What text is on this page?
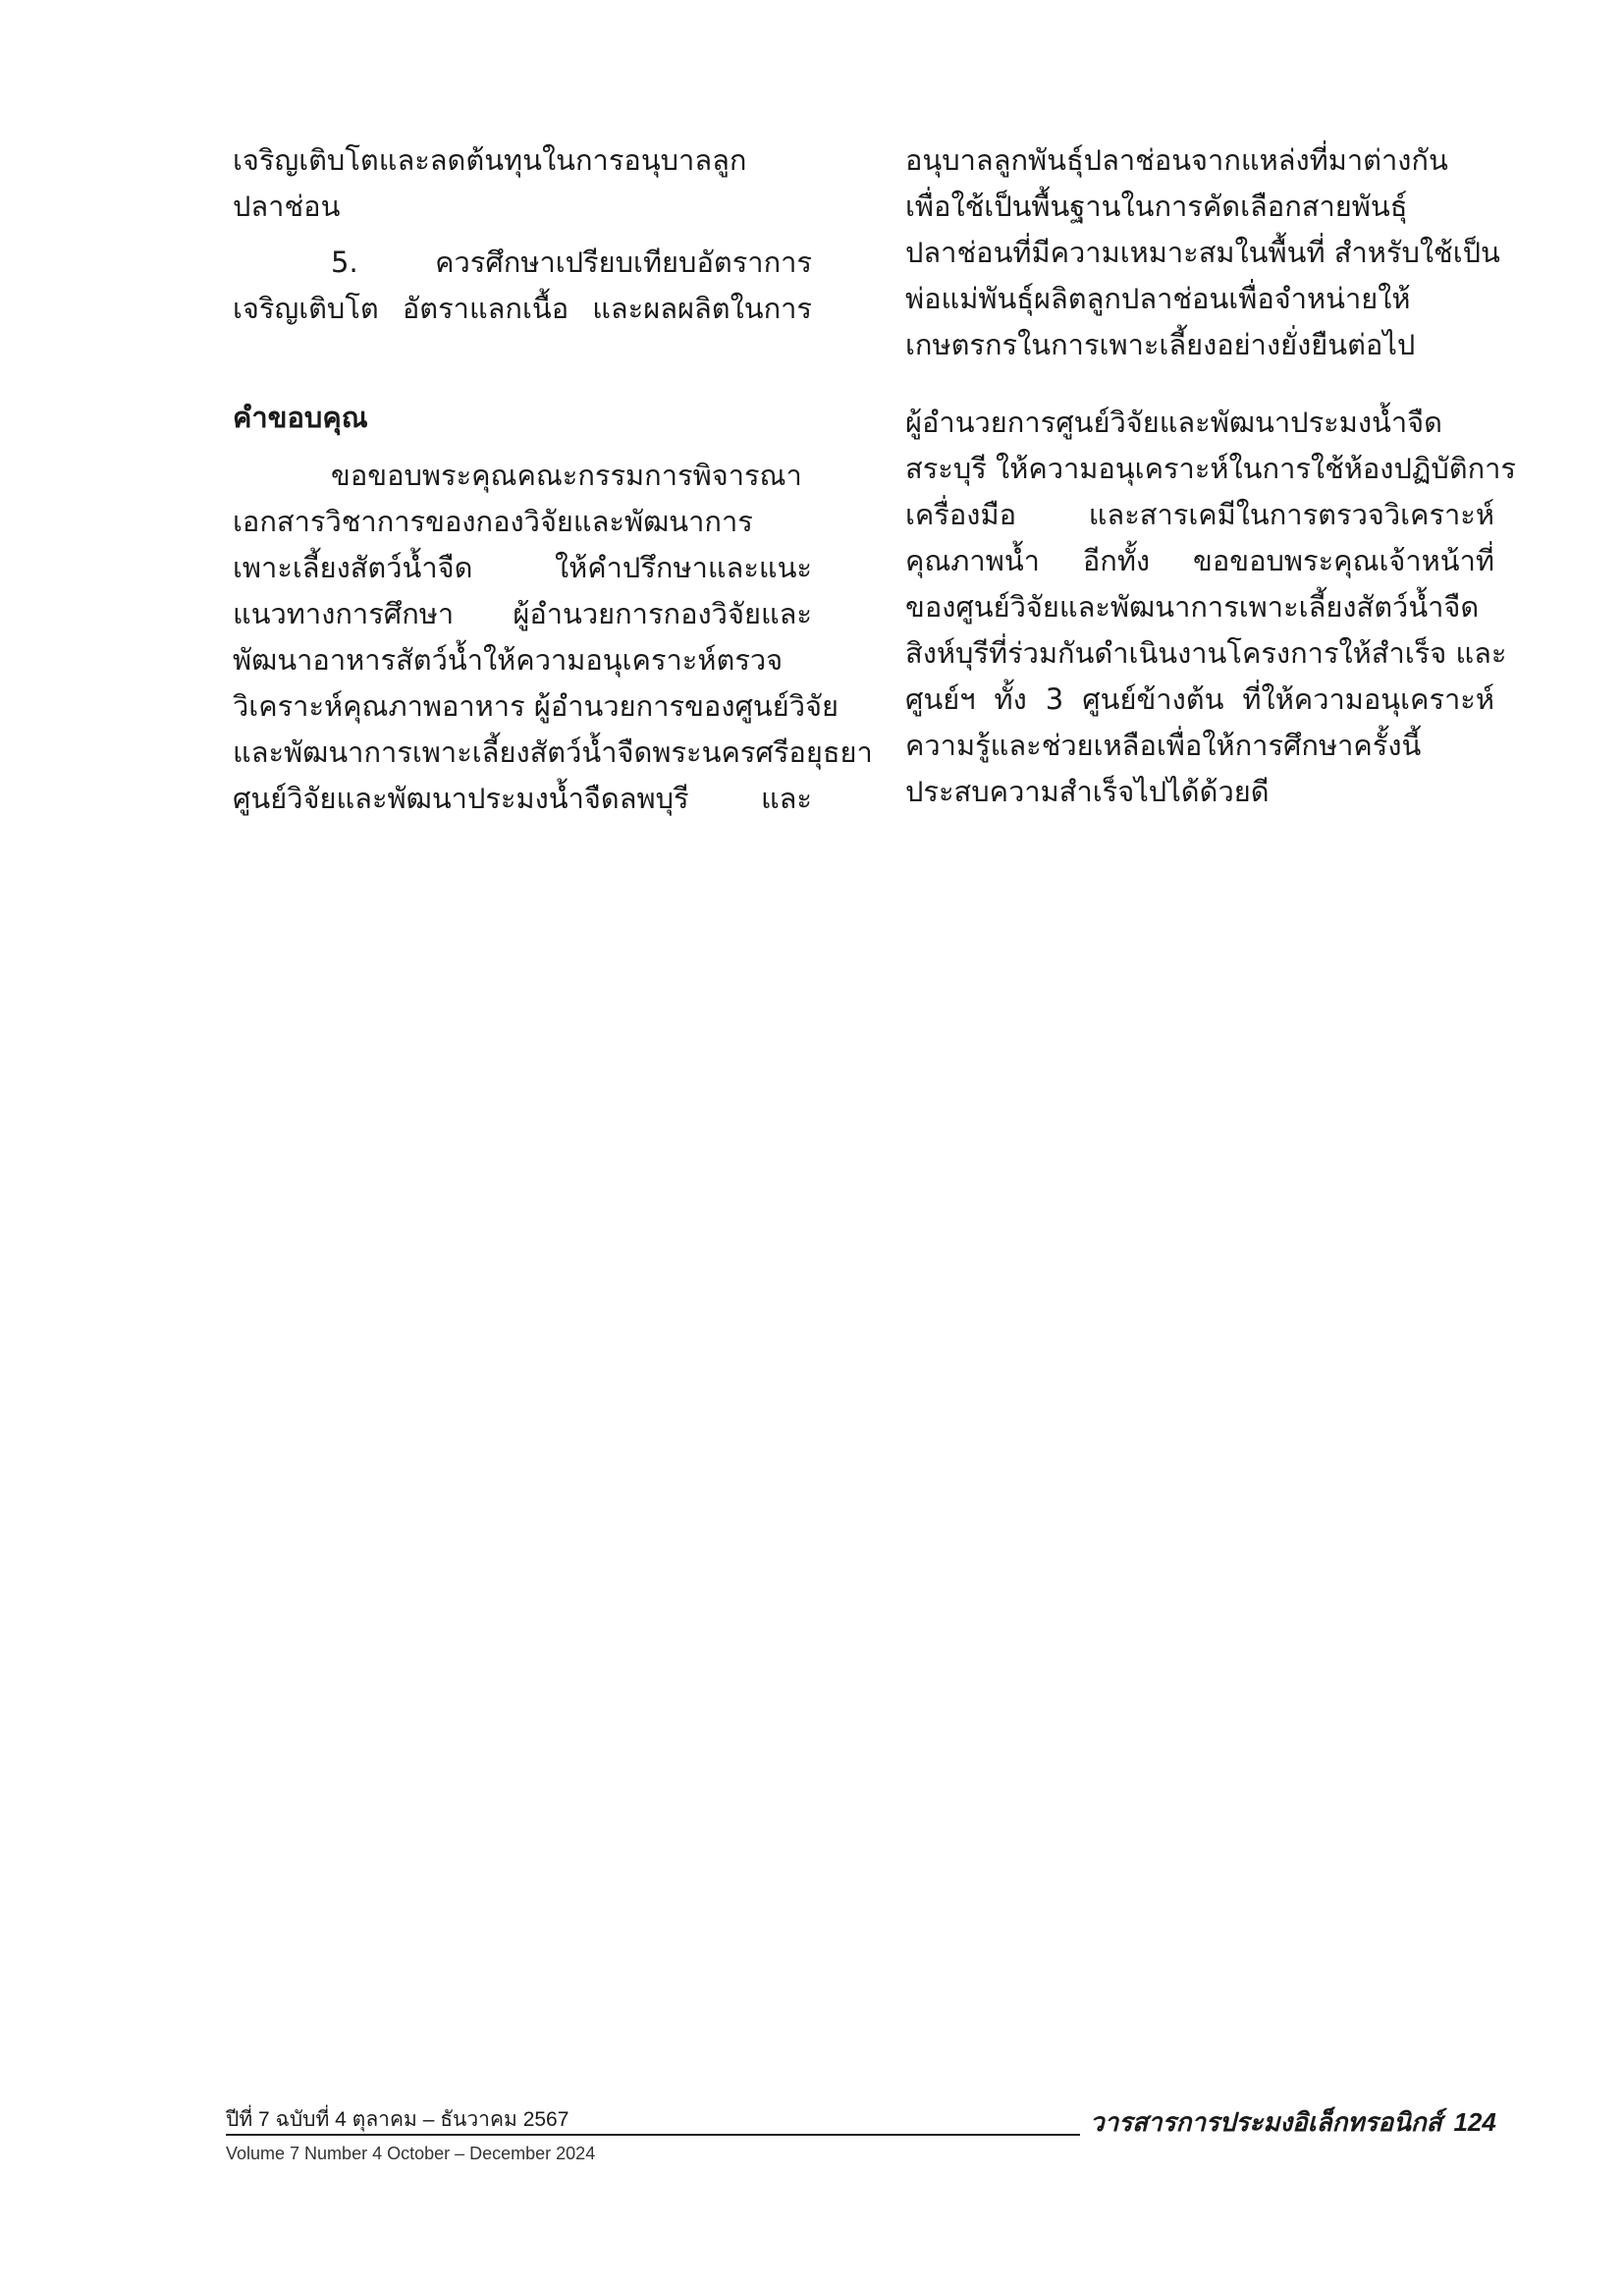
เจริญเติบโตและลดต้นทุนในการอนุบาลลูก
ปลาช่อน
5. ควรศึกษาเปรียบเทียบอัตราการ
เจริญเติบโต อัตราแลกเนื้อ และผลผลิตในการ
คำขอบคุณ
ขอขอบพระคุณคณะกรรมการพิจารณา
เอกสารวิชาการของกองวิจัยและพัฒนาการ
เพาะเลี้ยงสัตว์น้ำจืด ให้คำปรึกษาและแนะ
แนวทางการศึกษา ผู้อำนวยการกองวิจัยและ
พัฒนาอาหารสัตว์น้ำให้ความอนุเคราะห์ตรวจ
วิเคราะห์คุณภาพอาหาร ผู้อำนวยการของศูนย์วิจัย
และพัฒนาการเพาะเลี้ยงสัตว์น้ำจืดพระนครศรีอยุธยา
ศูนย์วิจัยและพัฒนาประมงน้ำจืดลพบุรี และ
อนุบาลลูกพันธุ์ปลาช่อนจากแหล่งที่มาต่างกัน
เพื่อใช้เป็นพื้นฐานในการคัดเลือกสายพันธุ์
ปลาช่อนที่มีความเหมาะสมในพื้นที่ สำหรับใช้เป็น
พ่อแม่พันธุ์ผลิตลูกปลาช่อนเพื่อจำหน่ายให้
เกษตรกรในการเพาะเลี้ยงอย่างยั่งยืนต่อไป
ผู้อำนวยการศูนย์วิจัยและพัฒนาประมงน้ำจืด
สระบุรี ให้ความอนุเคราะห์ในการใช้ห้องปฏิบัติการ
เครื่องมือ และสารเคมีในการตรวจวิเคราะห์
คุณภาพน้ำ อีกทั้ง ขอขอบพระคุณเจ้าหน้าที่
ของศูนย์วิจัยและพัฒนาการเพาะเลี้ยงสัตว์น้ำจืด
สิงห์บุรีที่ร่วมกันดำเนินงานโครงการให้สำเร็จ และ
ศูนย์ฯ ทั้ง 3 ศูนย์ข้างต้น ที่ให้ความอนุเคราะห์
ความรู้และช่วยเหลือเพื่อให้การศึกษาครั้งนี้
ประสบความสำเร็จไปได้ด้วยดี
ปีที่ 7 ฉบับที่ 4 ตุลาคม – ธันวาคม 2567
Volume 7 Number 4 October – December 2024
วารสารการประมงอิเล็กทรอนิกส์ 124
